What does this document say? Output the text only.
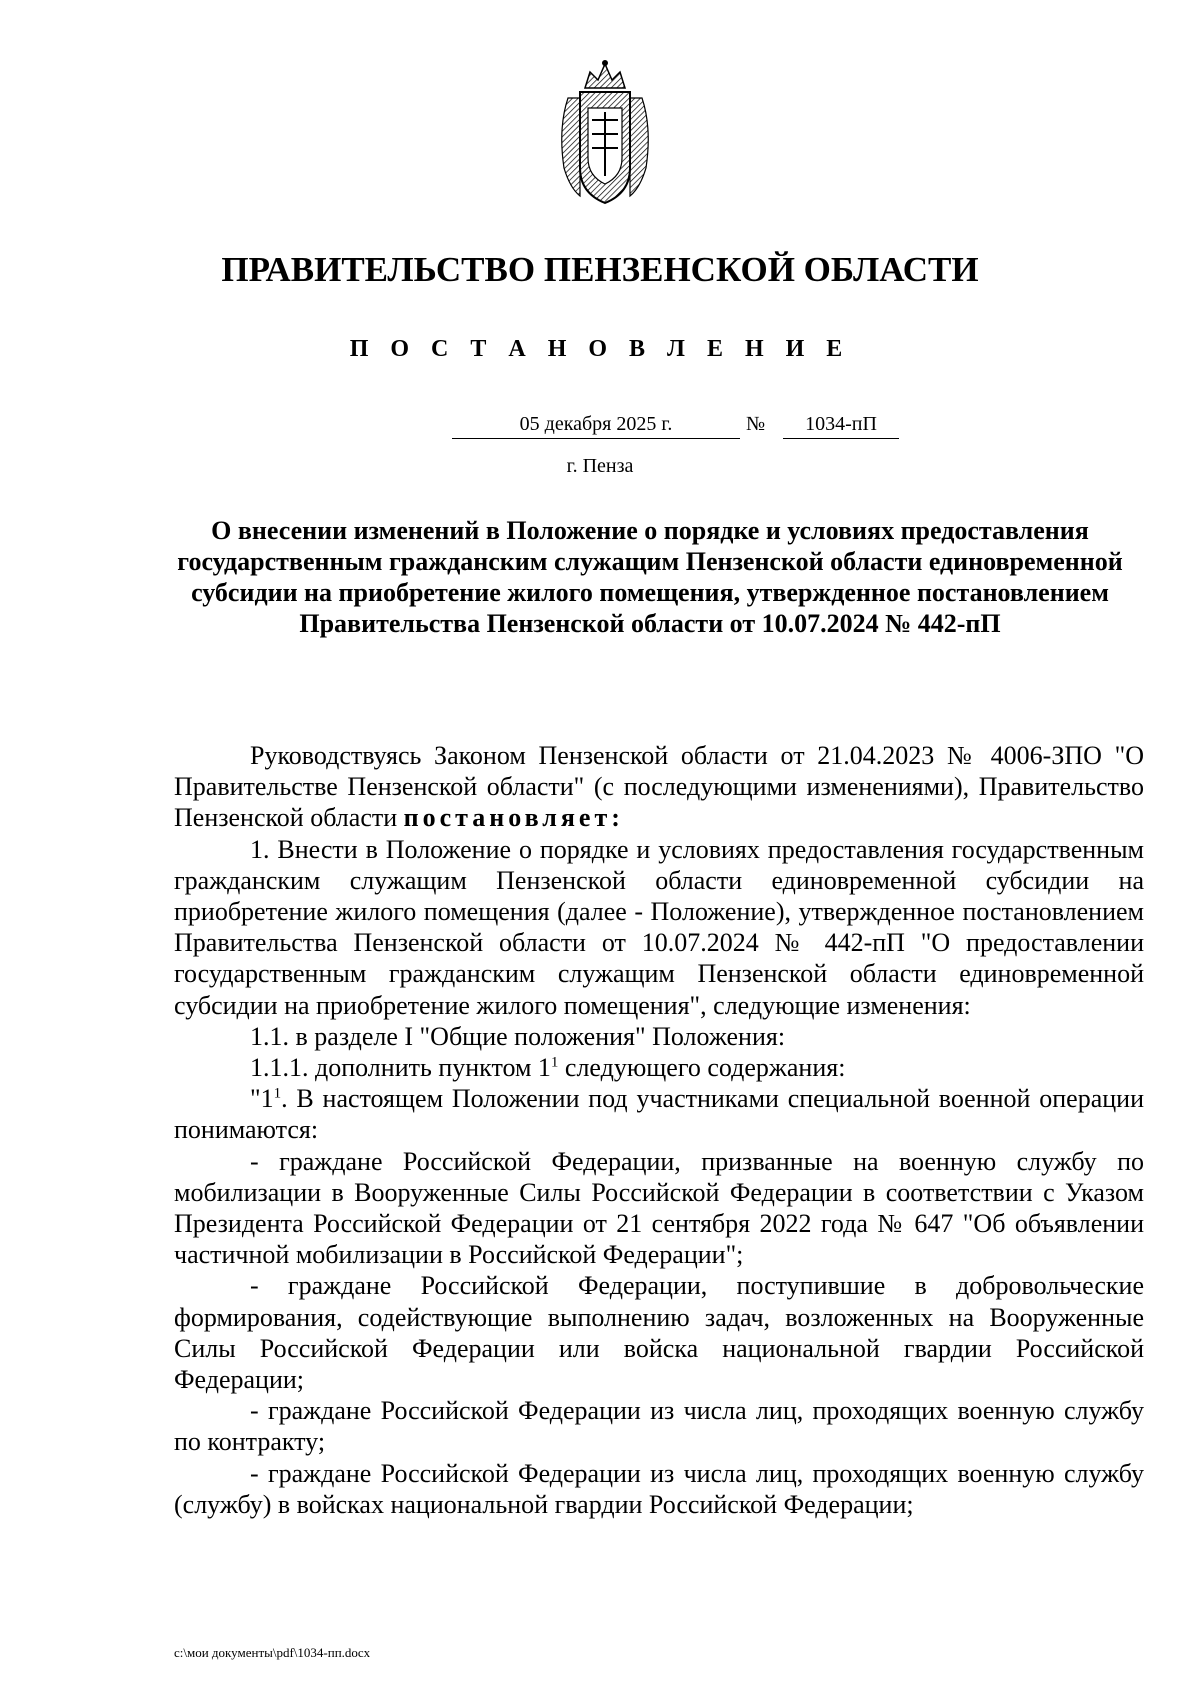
ПРАВИТЕЛЬСТВО ПЕНЗЕНСКОЙ ОБЛАСТИ
П О С Т А Н О В Л Е Н И Е
05 декабря 2025 г.	№	1034-пП
г. Пенза
О внесении изменений в Положение о порядке и условиях предоставления государственным гражданским служащим Пензенской области единовременной субсидии на приобретение жилого помещения, утвержденное постановлением Правительства Пензенской области от 10.07.2024 № 442-пП

Руководствуясь Законом Пензенской области от 21.04.2023 № 4006-ЗПО "О Правительстве Пензенской области" (с последующими изменениями), Правительство Пензенской области постановляет:

1. Внести в Положение о порядке и условиях предоставления государственным гражданским служащим Пензенской области единовременной субсидии на приобретение жилого помещения (далее - Положение), утвержденное постановлением Правительства Пензенской области от 10.07.2024 № 442-пП "О предоставлении государственным гражданским служащим Пензенской области единовременной субсидии на приобретение жилого помещения", следующие изменения:

1.1. в разделе I "Общие положения" Положения:

1.1.1. дополнить пунктом $1^1$ следующего содержания:

"$1^1$. В настоящем Положении под участниками специальной военной операции понимаются:

- граждане Российской Федерации, призванные на военную службу по мобилизации в Вооруженные Силы Российской Федерации в соответствии с Указом Президента Российской Федерации от 21 сентября 2022 года № 647 "Об объявлении частичной мобилизации в Российской Федерации";

- граждане Российской Федерации, поступившие в добровольческие формирования, содействующие выполнению задач, возложенных на Вооруженные Силы Российской Федерации или войска национальной гвардии Российской Федерации;

- граждане Российской Федерации из числа лиц, проходящих военную службу по контракту;

- граждане Российской Федерации из числа лиц, проходящих военную службу (службу) в войсках национальной гвардии Российской Федерации;

c:\мои документы\pdf\1034-пп.docx
